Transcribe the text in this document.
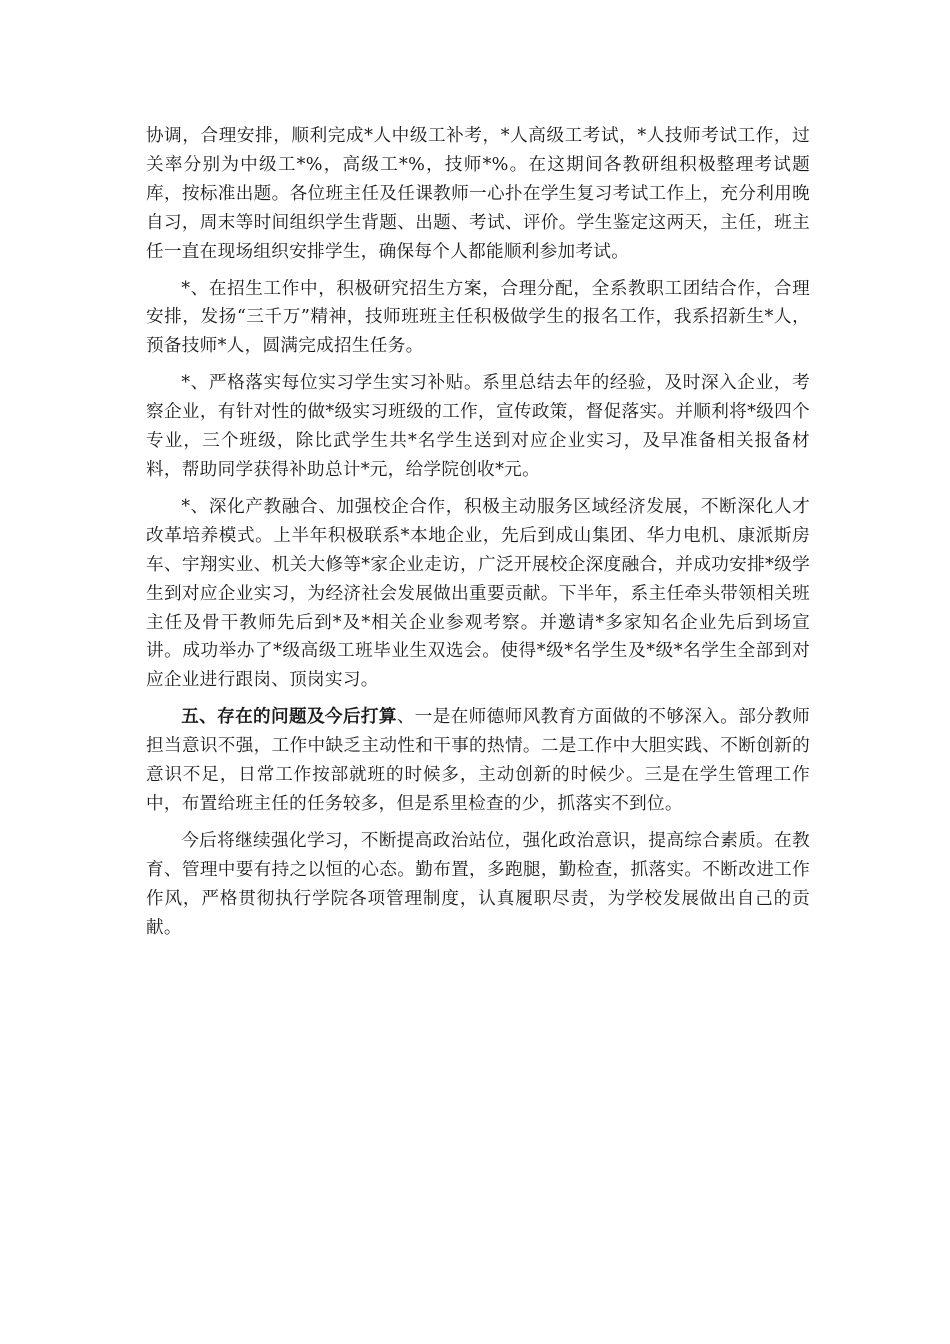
协调，合理安排，顺利完成*人中级工补考，*人高级工考试，*人技师考试工作，过关率分别为中级工*%，高级工*%，技师*%。在这期间各教研组积极整理考试题库，按标准出题。各位班主任及任课教师一心扑在学生复习考试工作上，充分利用晚自习，周末等时间组织学生背题、出题、考试、评价。学生鉴定这两天，主任，班主任一直在现场组织安排学生，确保每个人都能顺利参加考试。

*、在招生工作中，积极研究招生方案，合理分配，全系教职工团结合作，合理安排，发扬“三千万”精神，技师班班主任积极做学生的报名工作，我系招新生*人，预备技师*人，圆满完成招生任务。

*、严格落实每位实习学生实习补贴。系里总结去年的经验，及时深入企业，考察企业，有针对性的做*级实习班级的工作，宣传政策，督促落实。并顺利将*级四个专业，三个班级，除比武学生共*名学生送到对应企业实习，及早准备相关报备材料，帮助同学获得补助总计*元，给学院创收*元。

*、深化产教融合、加强校企合作，积极主动服务区域经济发展，不断深化人才改革培养模式。上半年积极联系*本地企业，先后到成山集团、华力电机、康派斯房车、宇翔实业、机关大修等*家企业走访，广泛开展校企深度融合，并成功安排*级学生到对应企业实习，为经济社会发展做出重要贡献。下半年，系主任牵头带领相关班主任及骨干教师先后到*及*相关企业参观考察。并邀请*多家知名企业先后到场宣讲。成功举办了*级高级工班毕业生双选会。使得*级*名学生及*级*名学生全部到对应企业进行跟岗、顶岗实习。

五、存在的问题及今后打算、一是在师德师风教育方面做的不够深入。部分教师担当意识不强，工作中缺乏主动性和干事的热情。二是工作中大胆实践、不断创新的意识不足，日常工作按部就班的时候多，主动创新的时候少。三是在学生管理工作中，布置给班主任的任务较多，但是系里检查的少，抓落实不到位。

今后将继续强化学习，不断提高政治站位，强化政治意识，提高综合素质。在教育、管理中要有持之以恒的心态。勤布置，多跑腿，勤检查，抓落实。不断改进工作作风，严格贯彻执行学院各项管理制度，认真履职尽责，为学校发展做出自己的贡献。
